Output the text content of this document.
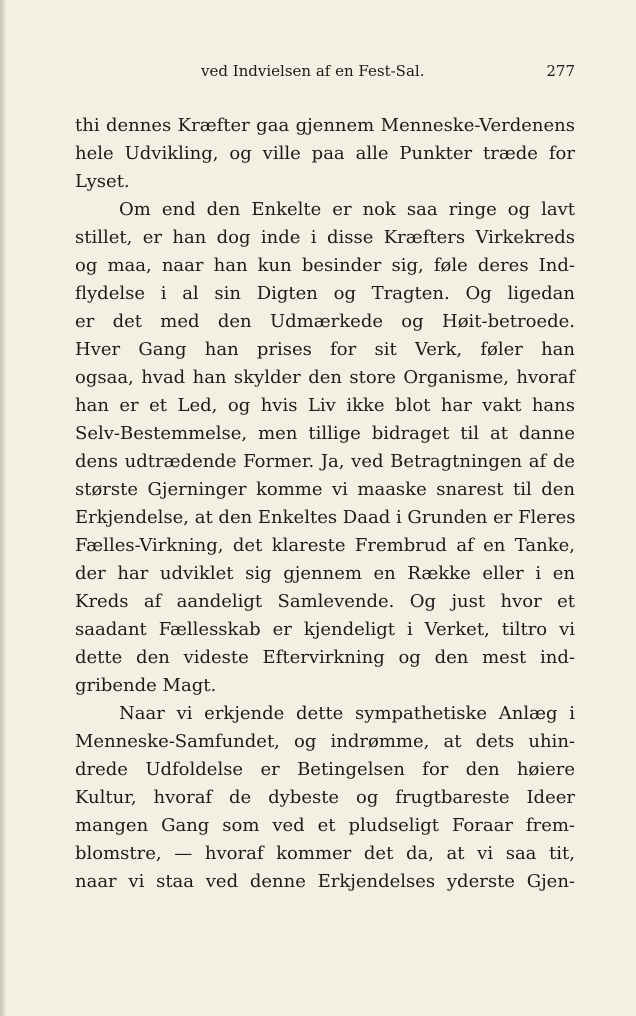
ved Indvielsen af en Fest-Sal.	277
thi dennes Kræfter gaa gjennem Menneske-Verdenens
hele Udvikling, og ville paa alle Punkter træde for
Lyset.
Om end den Enkelte er nok saa ringe og lavt
stillet, er han dog inde i disse Kræfters Virkekreds
og maa, naar han kun besinder sig, føle deres Ind-
flydelse i al sin Digten og Tragten. Og ligedan
er det med den Udmærkede og Høit-betroede.
Hver Gang han prises for sit Verk, føler han
ogsaa, hvad han skylder den store Organisme, hvoraf
han er et Led, og hvis Liv ikke blot har vakt hans
Selv-Bestemmelse, men tillige bidraget til at danne
dens udtrædende Former. Ja, ved Betragtningen af de
største Gjerninger komme vi maaske snarest til den
Erkjendelse, at den Enkeltes Daad i Grunden er Fleres
Fælles-Virkning, det klareste Frembrud af en Tanke,
der har udviklet sig gjennem en Række eller i en
Kreds af aandeligt Samlevende. Og just hvor et
saadant Fællesskab er kjendeligt i Verket, tiltro vi
dette den videste Eftervirkning og den mest ind-
gribende Magt.
Naar vi erkjende dette sympathetiske Anlæg i
Menneske-Samfundet, og indrømme, at dets uhin-
drede Udfoldelse er Betingelsen for den høiere
Kultur, hvoraf de dybeste og frugtbareste Ideer
mangen Gang som ved et pludseligt Foraar frem-
blomstre, — hvoraf kommer det da, at vi saa tit,
naar vi staa ved denne Erkjendelses yderste Gjen-
